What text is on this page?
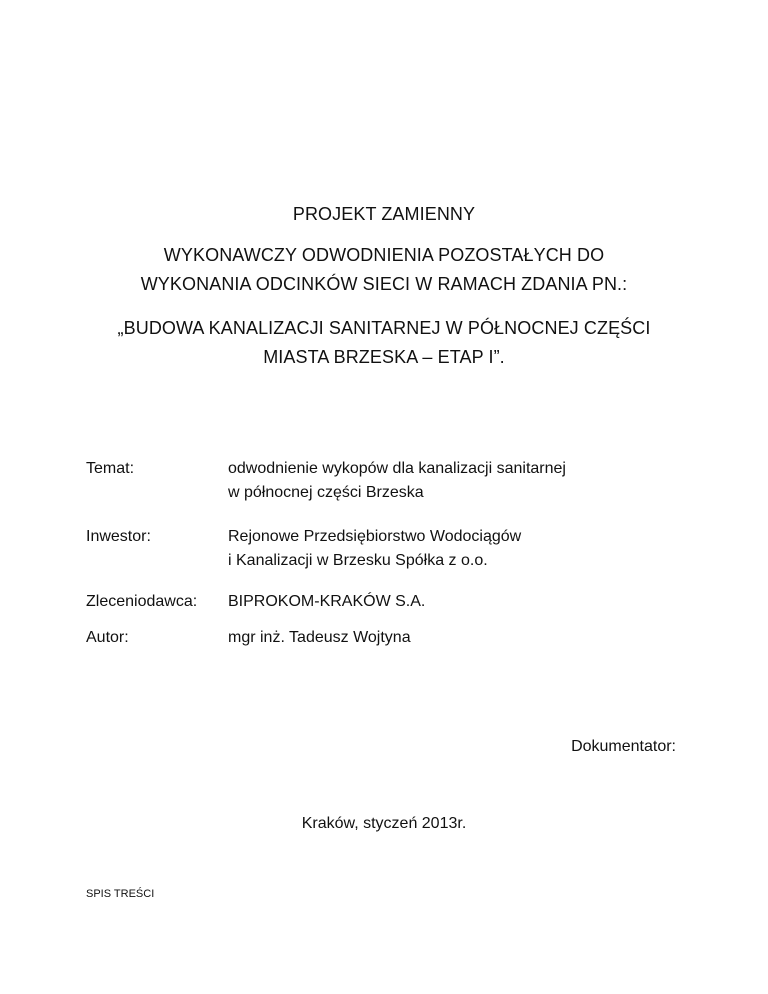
PROJEKT ZAMIENNY
WYKONAWCZY ODWODNIENIA POZOSTAŁYCH DO
WYKONANIA ODCINKÓW SIECI W RAMACH ZDANIA PN.:
„BUDOWA KANALIZACJI SANITARNEJ W PÓŁNOCNEJ CZĘŚCI
MIASTA BRZESKA – ETAP I”.
Temat:	odwodnienie wykopów dla kanalizacji sanitarnej
w północnej części Brzeska
Inwestor:	Rejonowe Przedsiębiorstwo Wodociągów
i Kanalizacji w Brzesku Spółka z o.o.
Zleceniodawca: BIPROKOM-KRAKÓW S.A.
Autor:	mgr inż. Tadeusz Wojtyna
Dokumentator:
Kraków, styczeń 2013r.
SPIS TREŚCI
